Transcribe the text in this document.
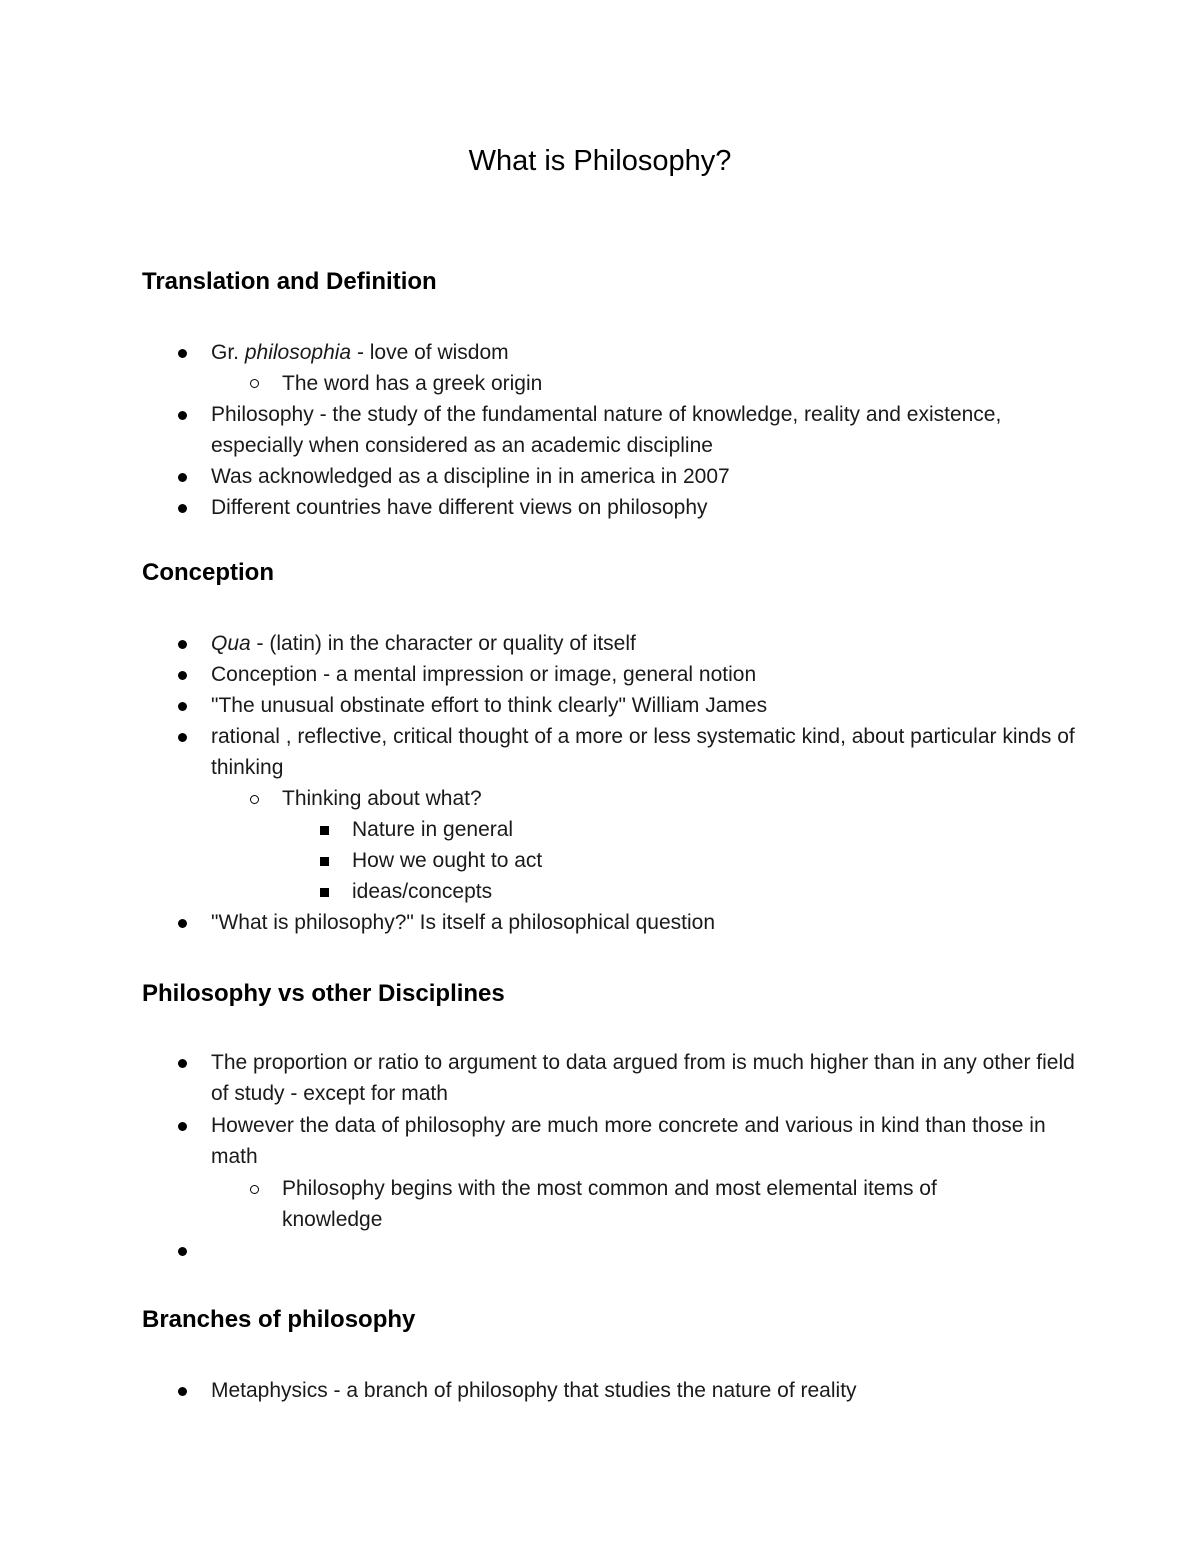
What is Philosophy?
Translation and Definition

Gr. philosophia - love of wisdom

The word has a greek origin

Philosophy - the study of the fundamental nature of knowledge, reality and existence, especially when considered as an academic discipline

Was acknowledged as a discipline in in america in 2007

Different countries have different views on philosophy

Conception

Qua - (latin) in the character or quality of itself

Conception - a mental impression or image, general notion

"The unusual obstinate effort to think clearly" William James

rational , reflective, critical thought of a more or less systematic kind, about particular kinds of thinking

Thinking about what?

Nature in general

How we ought to act

ideas/concepts

"What is philosophy?" Is itself a philosophical question

Philosophy vs other Disciplines

The proportion or ratio to argument to data argued from is much higher than in any other field of study - except for math

However the data of philosophy are much more concrete and various in kind than those in math

Philosophy begins with the most common and most elemental items of knowledge

Branches of philosophy

Metaphysics - a branch of philosophy that studies the nature of reality
